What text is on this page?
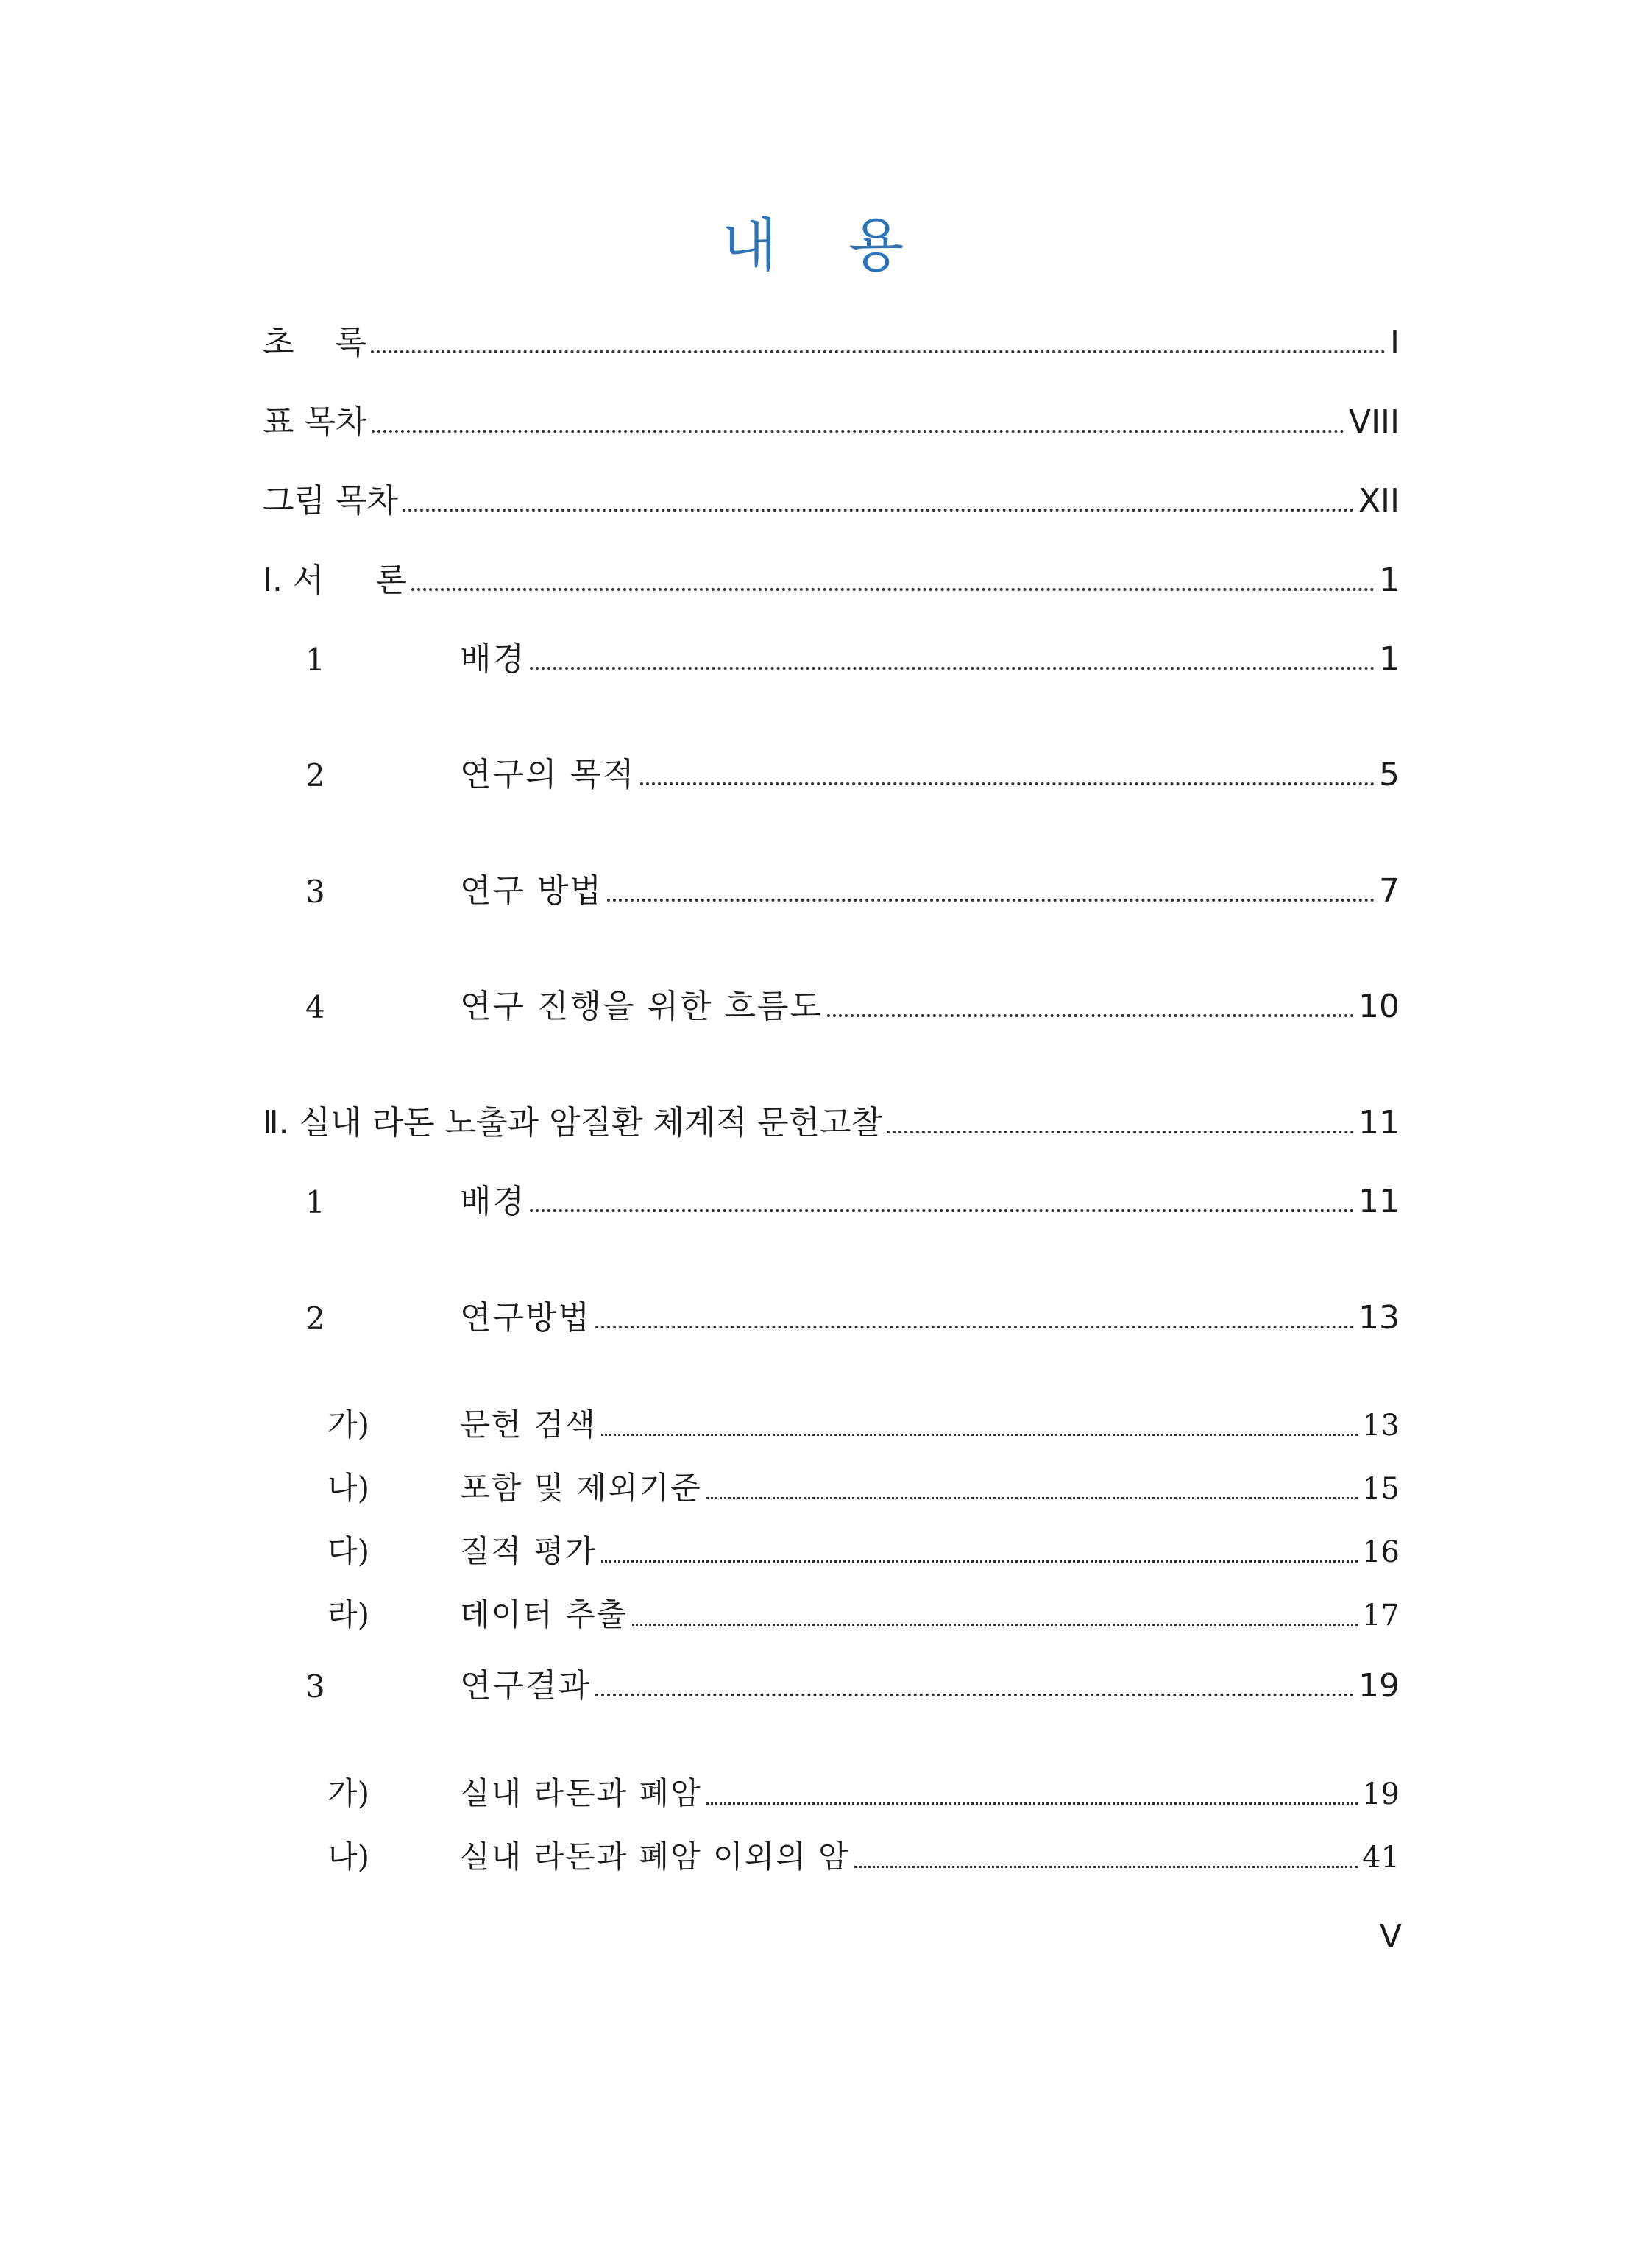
내 용
초    록	I
표 목차	VIII
그림 목차	XII
Ⅰ. 서     론	1
1	배경	1
2	연구의 목적	5
3	연구 방법	7
4	연구 진행을 위한 흐름도	10
Ⅱ. 실내 라돈 노출과 암질환 체계적 문헌고찰	11
1	배경	11
2	연구방법	13
가)	문헌 검색	13
나)	포함 및 제외기준	15
다)	질적 평가	16
라)	데이터 추출	17
3	연구결과	19
가)	실내 라돈과 폐암	19
나)	실내 라돈과 폐암 이외의 암	41
V
